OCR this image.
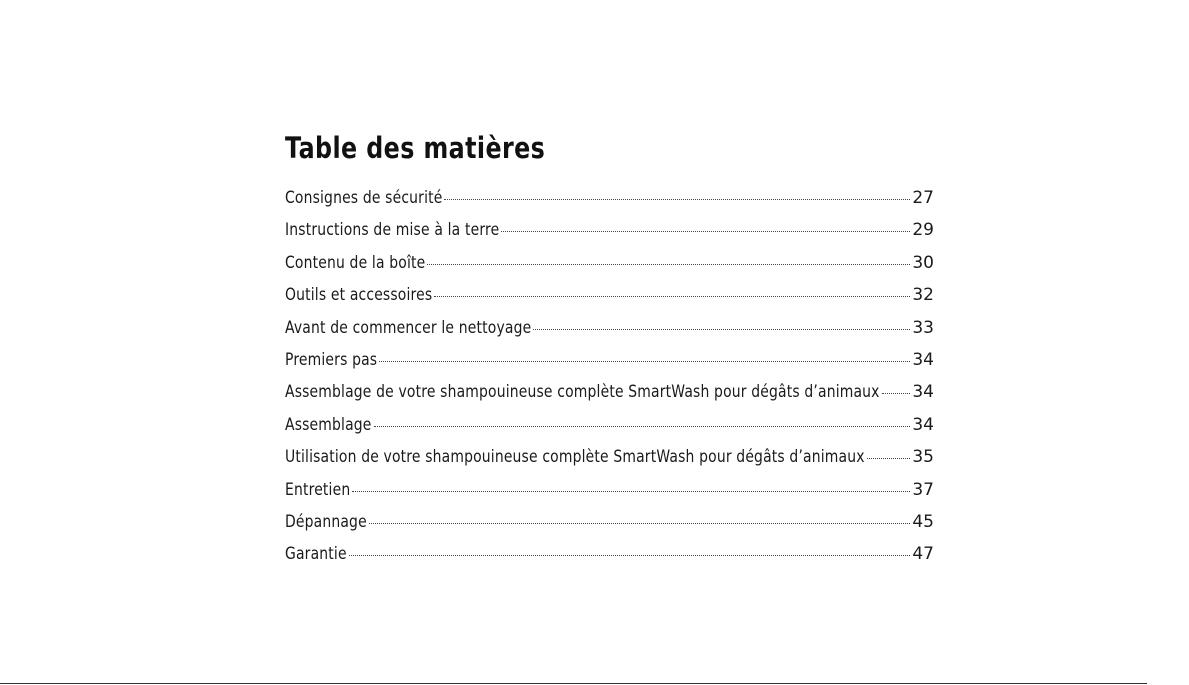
Table des matières
Consignes de sécurité	27
Instructions de mise à la terre	29
Contenu de la boîte	30
Outils et accessoires	32
Avant de commencer le nettoyage	33
Premiers pas	34
Assemblage de votre shampouineuse complète SmartWash pour dégâts d’animaux 34
Assemblage	34
Utilisation de votre shampouineuse complète SmartWash pour dégâts d’animaux	35
Entretien	37
Dépannage	45
Garantie	47
